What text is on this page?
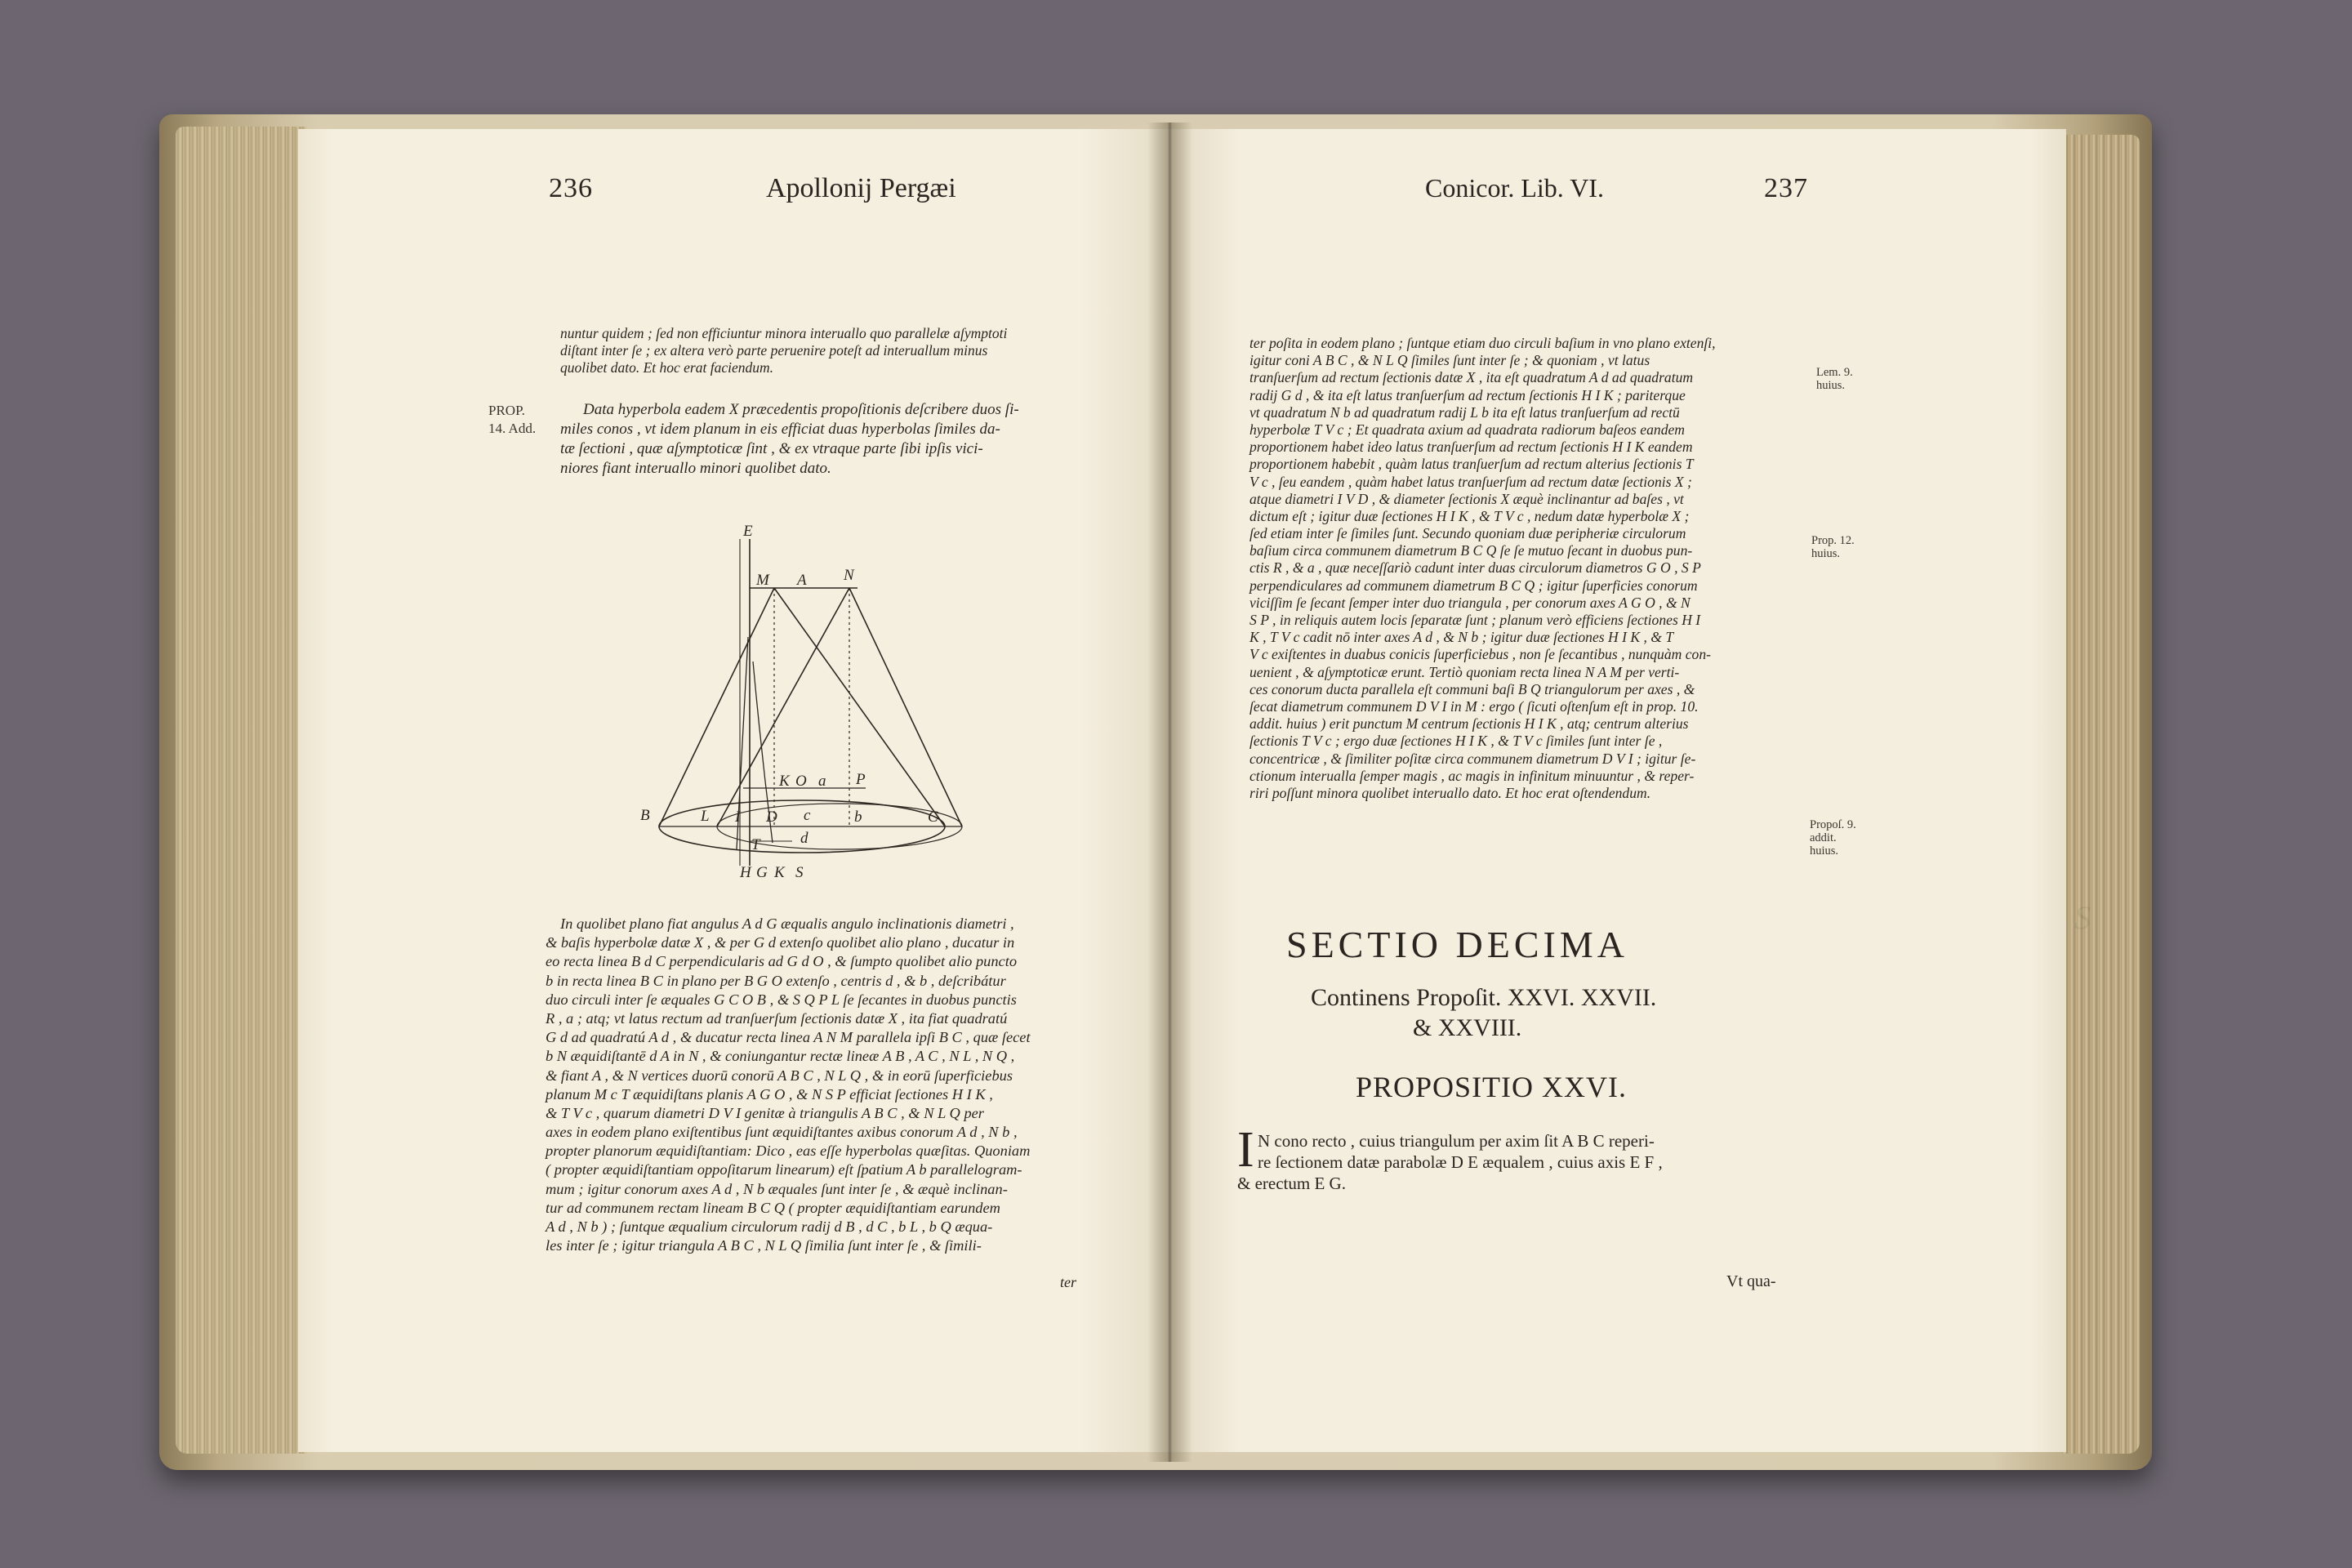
S
236	Apollonij Pergæi
nuntur quidem ; ſed non efficiuntur minora interuallo quo parallelæ aſymptoti
diſtant inter ſe ; ex altera verò parte peruenire poteſt ad interuallum minus
quolibet dato. Et hoc erat faciendum.
PROP.
14. Add.
Data hyperbola eadem X præcedentis propoſitionis deſcribere duos ſi-
miles conos , vt idem planum in eis efficiat duas hyperbolas ſimiles da-
tæ ſectioni , quæ aſymptoticæ ſint , & ex vtraque parte ſibi ipſis vici-
niores fiant interuallo minori quolibet dato.
E
M A N
K O a P
B	L I D c	b	C
T	d
H G K S
In quolibet plano fiat angulus A d G æqualis angulo inclinationis diametri ,
& baſis hyperbolæ datæ X , & per G d extenſo quolibet alio plano , ducatur in
eo recta linea B d C perpendicularis ad G d O , & ſumpto quolibet alio puncto
b in recta linea B C in plano per B G O extenſo , centris d , & b , deſcribátur
duo circuli inter ſe æquales G C O B , & S Q P L ſe ſecantes in duobus punctis
R , a ; atq; vt latus rectum ad tranſuerſum ſectionis datæ X , ita fiat quadratú
G d ad quadratú A d , & ducatur recta linea A N M parallela ipſi B C , quæ ſecet
b N æquidiſtantē d A in N , & coniungantur rectæ lineæ A B , A C , N L , N Q ,
& fiant A , & N vertices duorū conorū A B C , N L Q , & in eorū ſuperficiebus
planum M c T æquidiſtans planis A G O , & N S P efficiat ſectiones H I K ,
& T V c , quarum diametri D V I genitæ à triangulis A B C , & N L Q per
axes in eodem plano exiſtentibus ſunt æquidiſtantes axibus conorum A d , N b ,
propter planorum æquidiſtantiam: Dico , eas eſſe hyperbolas quæſitas. Quoniam
( propter æquidiſtantiam oppoſitarum linearum) eſt ſpatium A b parallelogram-
mum ; igitur conorum axes A d , N b æquales ſunt inter ſe , & æquè inclinan-
tur ad communem rectam lineam B C Q ( propter æquidiſtantiam earundem
A d , N b ) ; ſuntque æqualium circulorum radij d B , d C , b L , b Q æqua-
les inter ſe ; igitur triangula A B C , N L Q ſimilia ſunt inter ſe , & ſimili-
ter
Conicor. Lib. VI.	237
ter poſita in eodem plano ; ſuntque etiam duo circuli baſium in vno plano extenſi,
igitur coni A B C , & N L Q ſimiles ſunt inter ſe ; & quoniam , vt latus
tranſuerſum ad rectum ſectionis datæ X , ita eſt quadratum A d ad quadratum
radij G d , & ita eſt latus tranſuerſum ad rectum ſectionis H I K ; pariterque
vt quadratum N b ad quadratum radij L b ita eſt latus tranſuerſum ad rectū
hyperbolæ T V c ; Et quadrata axium ad quadrata radiorum baſeos eandem
proportionem habet ideo latus tranſuerſum ad rectum ſectionis H I K eandem
proportionem habebit , quàm latus tranſuerſum ad rectum alterius ſectionis T
V c , ſeu eandem , quàm habet latus tranſuerſum ad rectum datæ ſectionis X ;
atque diametri I V D , & diameter ſectionis X æquè inclinantur ad baſes , vt
dictum eſt ; igitur duæ ſectiones H I K , & T V c , nedum datæ hyperbolæ X ;
ſed etiam inter ſe ſimiles ſunt. Secundo quoniam duæ peripheriæ circulorum
baſium circa communem diametrum B C Q ſe ſe mutuo ſecant in duobus pun-
ctis R , & a , quæ neceſſariò cadunt inter duas circulorum diametros G O , S P
perpendiculares ad communem diametrum B C Q ; igitur ſuperficies conorum
viciſſim ſe ſecant ſemper inter duo triangula , per conorum axes A G O , & N
S P , in reliquis autem locis ſeparatæ ſunt ; planum verò efficiens ſectiones H I
K , T V c cadit nō inter axes A d , & N b ; igitur duæ ſectiones H I K , & T
V c exiſtentes in duabus conicis ſuperficiebus , non ſe ſecantibus , nunquàm con-
uenient , & aſymptoticæ erunt. Tertiò quoniam recta linea N A M per verti-
ces conorum ducta parallela eſt communi baſi B Q triangulorum per axes , &
ſecat diametrum communem D V I in M : ergo ( ſicuti oſtenſum eſt in prop. 10.
addit. huius ) erit punctum M centrum ſectionis H I K , atq; centrum alterius
ſectionis T V c ; ergo duæ ſectiones H I K , & T V c ſimiles ſunt inter ſe ,
concentricæ , & ſimiliter poſitæ circa communem diametrum D V I ; igitur ſe-
ctionum interualla ſemper magis , ac magis in infinitum minuuntur , & reper-
riri poſſunt minora quolibet interuallo dato. Et hoc erat oſtendendum.
Lem. 9.
huius.
Prop. 12.
huius.
Propoſ. 9.
addit.
huius.
SECTIO DECIMA
Continens Propoſit. XXVI. XXVII.
& XXVIII.
PROPOSITIO XXVI.
I N cono recto , cuius triangulum per axim ſit A B C reperi-
re ſectionem datæ parabolæ D E æqualem , cuius axis E F ,
& erectum E G.
Vt qua-
